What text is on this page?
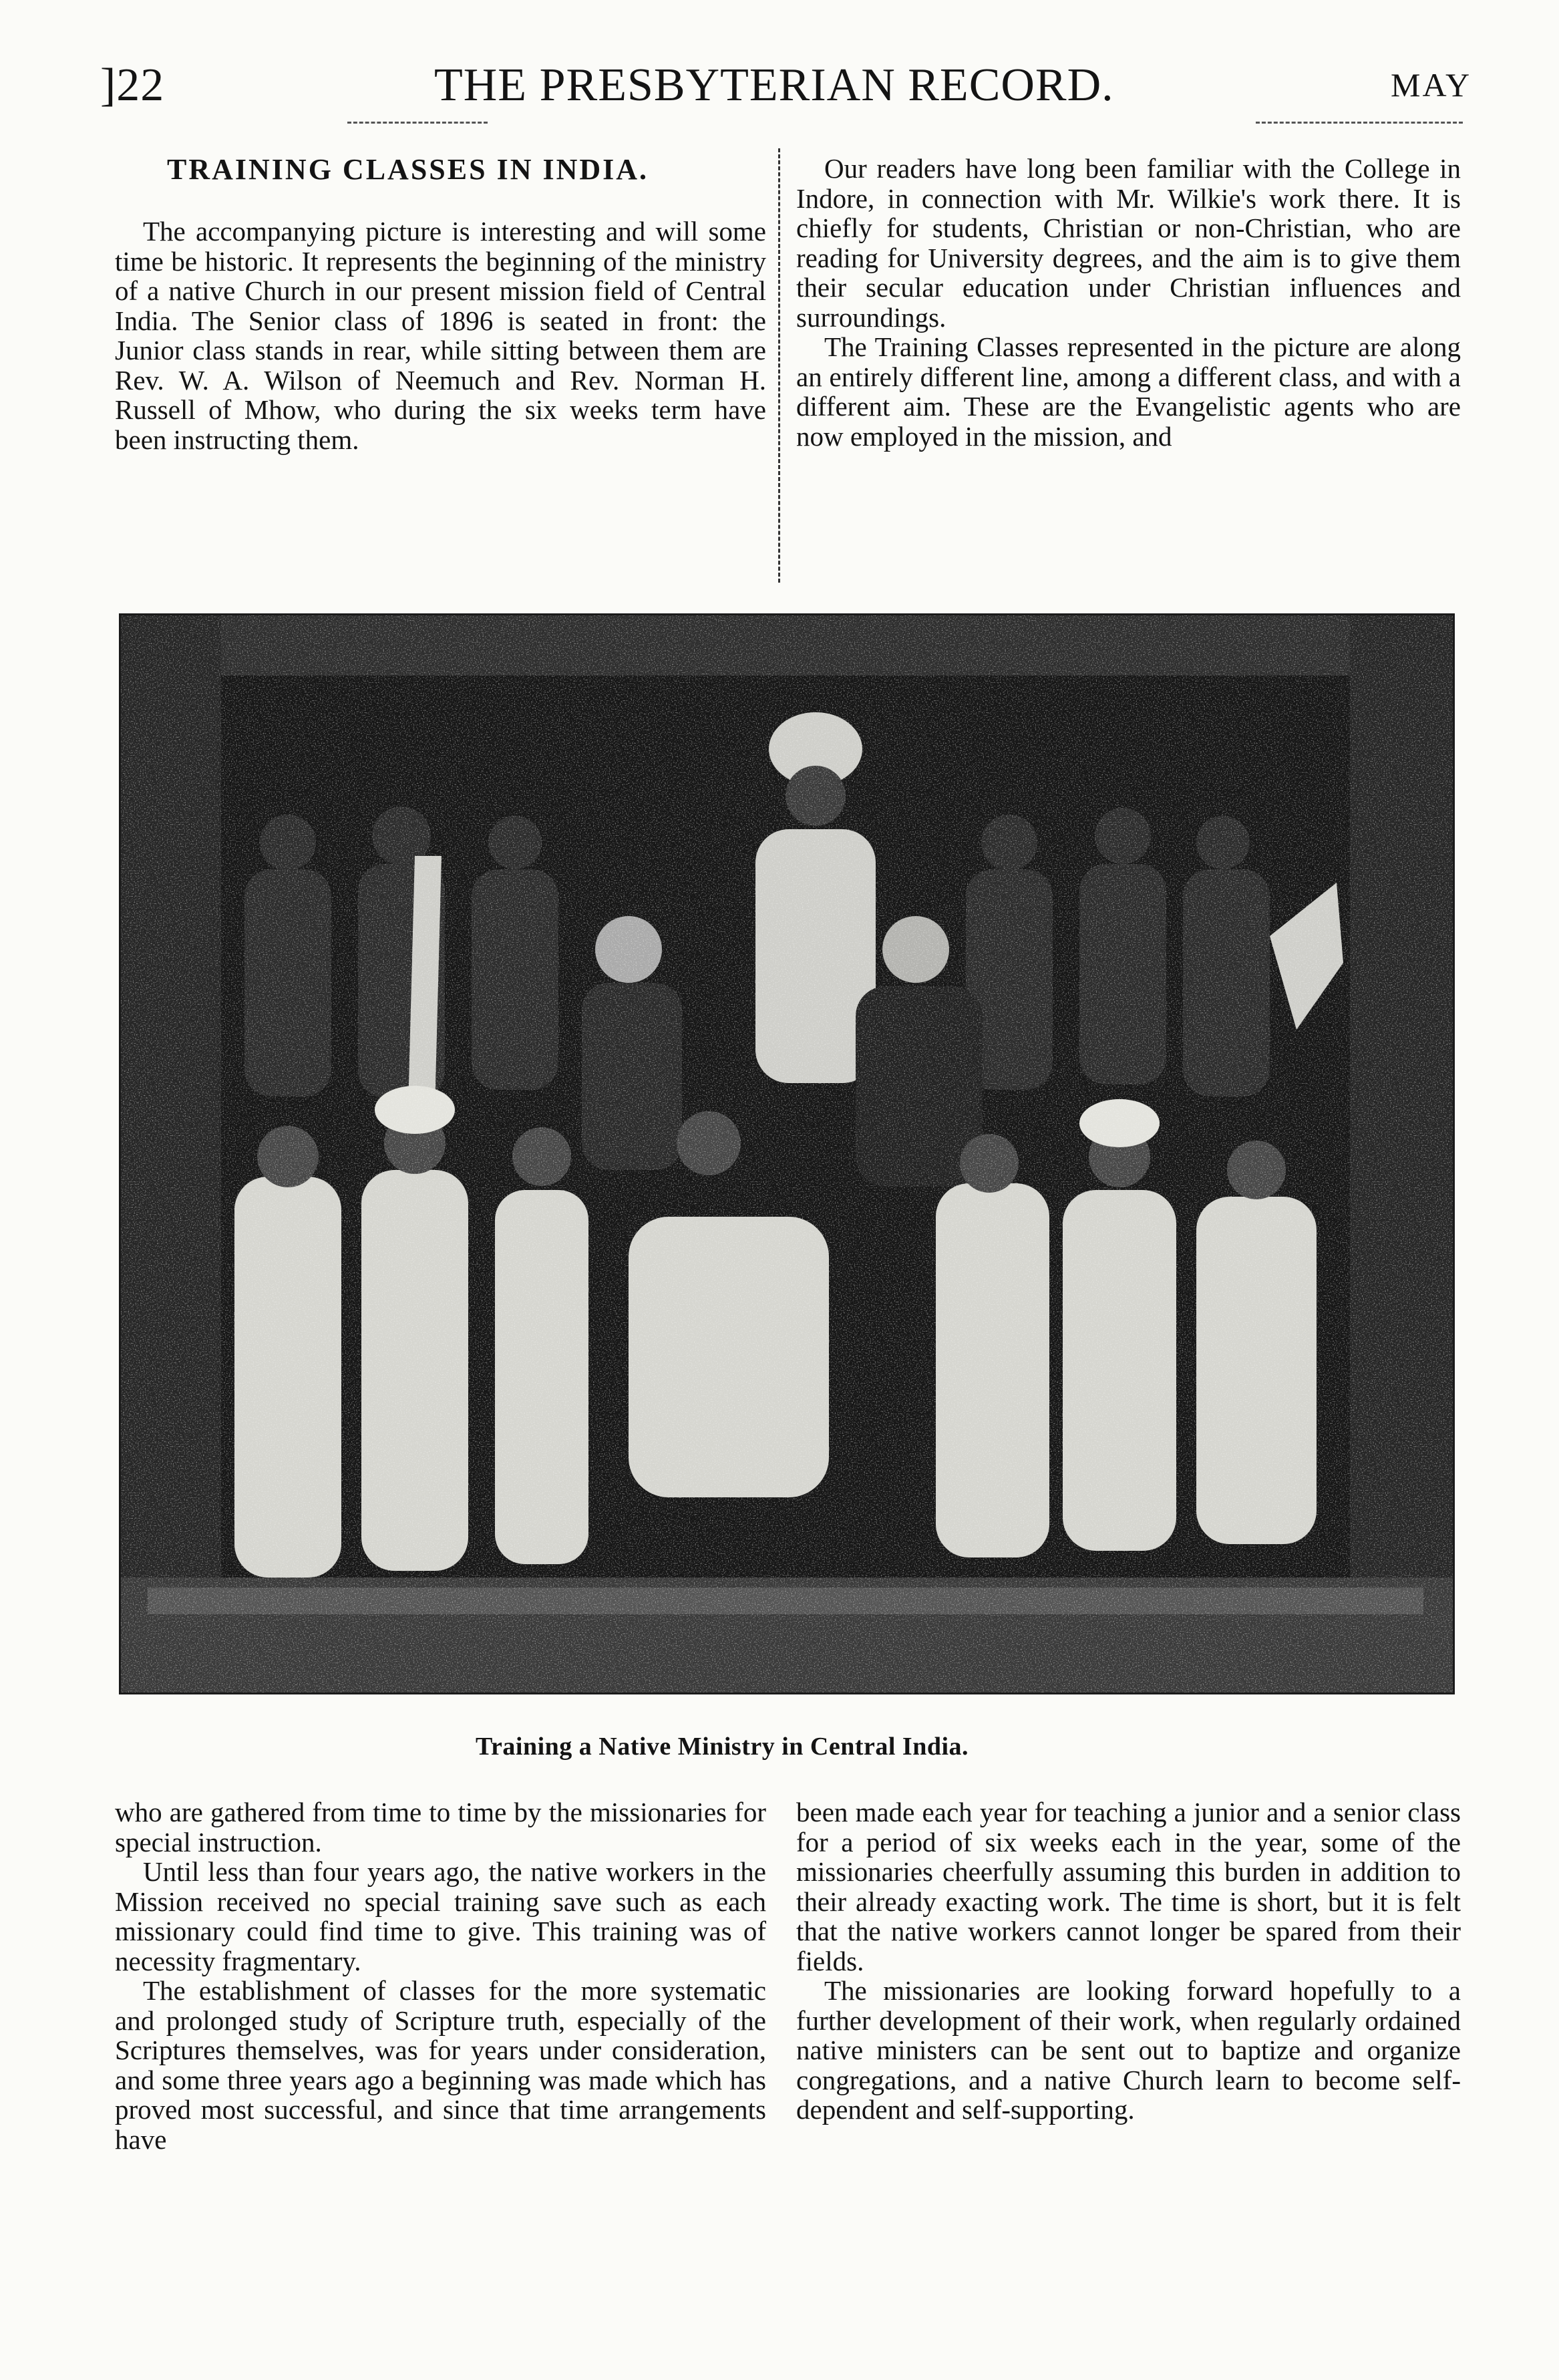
]22	THE PRESBYTERIAN RECORD.	MAY
TRAINING CLASSES IN INDIA.

The accompanying picture is interesting and will some time be historic. It represents the beginning of the ministry of a native Church in our present mission field of Central India. The Senior class of 1896 is seated in front: the Junior class stands in rear, while sitting between them are Rev. W. A. Wilson of Neemuch and Rev. Norman H. Russell of Mhow, who during the six weeks term have been instructing them.

Our readers have long been familiar with the College in Indore, in connection with Mr. Wilkie's work there. It is chiefly for students, Christian or non-Christian, who are reading for University degrees, and the aim is to give them their secular education under Christian influences and surroundings.

The Training Classes represented in the picture are along an entirely different line, among a different class, and with a different aim. These are the Evangelistic agents who are now employed in the mission, and

Training a Native Ministry in Central India.

who are gathered from time to time by the missionaries for special instruction.

Until less than four years ago, the native workers in the Mission received no special training save such as each missionary could find time to give. This training was of necessity fragmentary.

The establishment of classes for the more systematic and prolonged study of Scripture truth, especially of the Scriptures themselves, was for years under consideration, and some three years ago a beginning was made which has proved most successful, and since that time arrangements have

been made each year for teaching a junior and a senior class for a period of six weeks each in the year, some of the missionaries cheerfully assuming this burden in addition to their already exacting work. The time is short, but it is felt that the native workers cannot longer be spared from their fields.

The missionaries are looking forward hopefully to a further development of their work, when regularly ordained native ministers can be sent out to baptize and organize congregations, and a native Church learn to become self-dependent and self-supporting.
